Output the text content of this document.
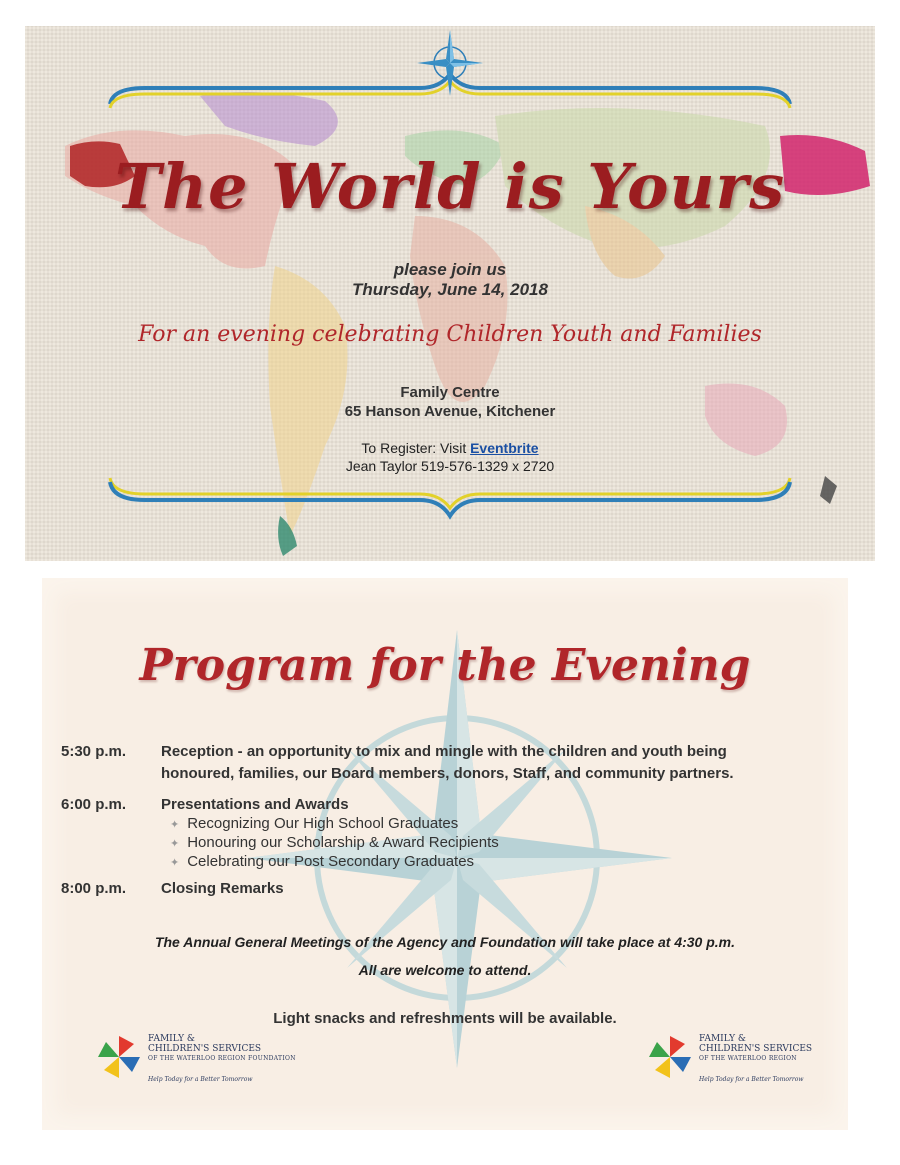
The World is Yours
please join us
Thursday, June 14, 2018
For an evening celebrating Children Youth and Families
Family Centre
65 Hanson Avenue, Kitchener
To Register: Visit Eventbrite
Jean Taylor 519-576-1329 x 2720
Program for the Evening
5:30 p.m. Reception - an opportunity to mix and mingle with the children and youth being
honoured, families, our Board members, donors, Staff, and community partners.
6:00 p.m. Presentations and Awards
✦ Recognizing Our High School Graduates
✦ Honouring our Scholarship & Award Recipients
✦ Celebrating our Post Secondary Graduates
8:00 p.m. Closing Remarks
The Annual General Meetings of the Agency and Foundation will take place at 4:30 p.m.
All are welcome to attend.
Light snacks and refreshments will be available.
FAMILY &
CHILDREN'S SERVICES
OF THE WATERLOO REGION FOUNDATION
Help Today for a Better Tomorrow
FAMILY &
CHILDREN'S SERVICES
OF THE WATERLOO REGION
Help Today for a Better Tomorrow
